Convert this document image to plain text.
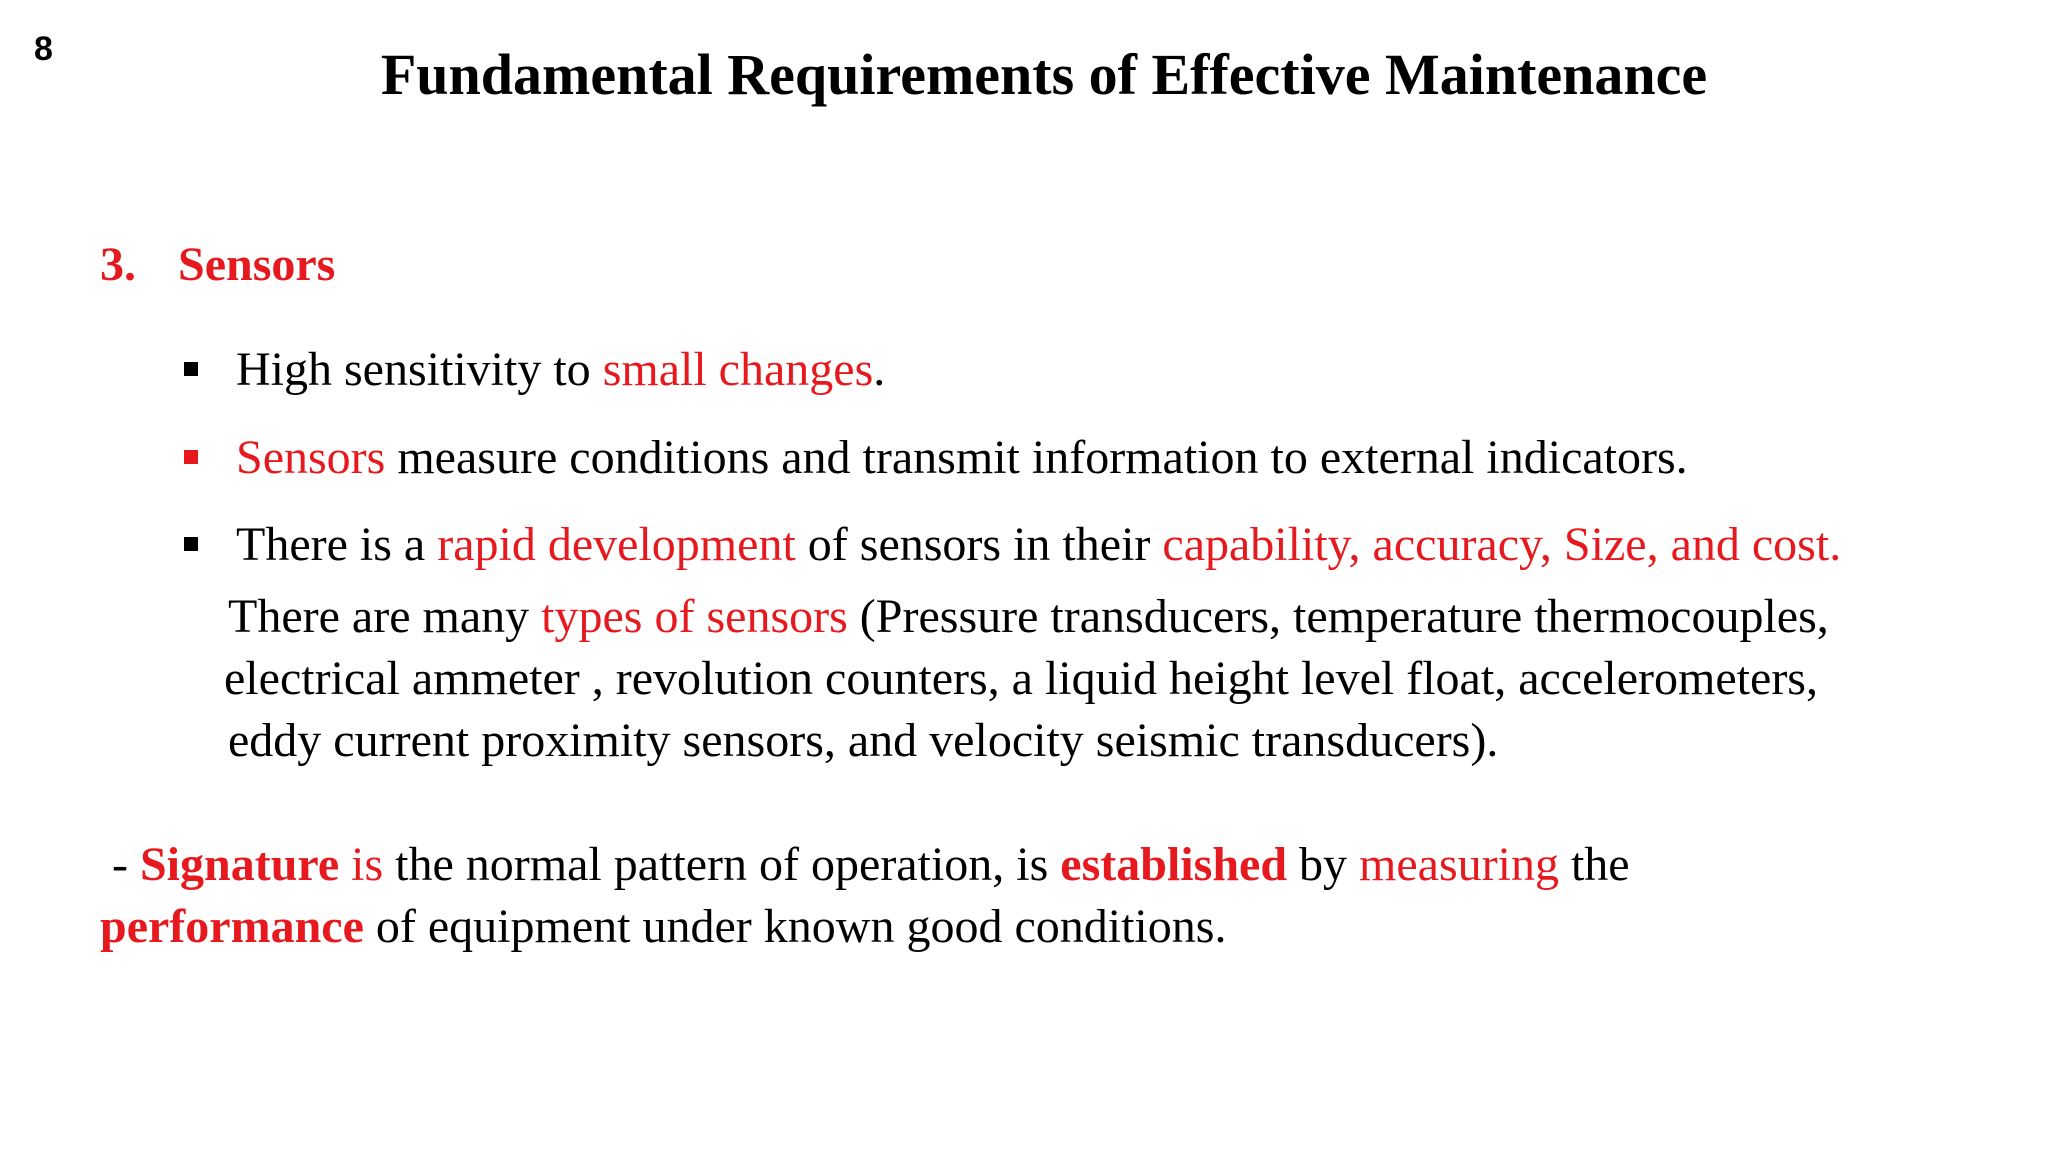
8	Fundamental Requirements of Effective Maintenance
3. Sensors
High sensitivity to small changes.
Sensors measure conditions and transmit information to external indicators.
There is a rapid development of sensors in their capability, accuracy, Size, and cost.
There are many types of sensors (Pressure transducers, temperature thermocouples,
electrical ammeter , revolution counters, a liquid height level float, accelerometers,
eddy current proximity sensors, and velocity seismic transducers).
- Signature is the normal pattern of operation, is established by measuring the
performance of equipment under known good conditions.
